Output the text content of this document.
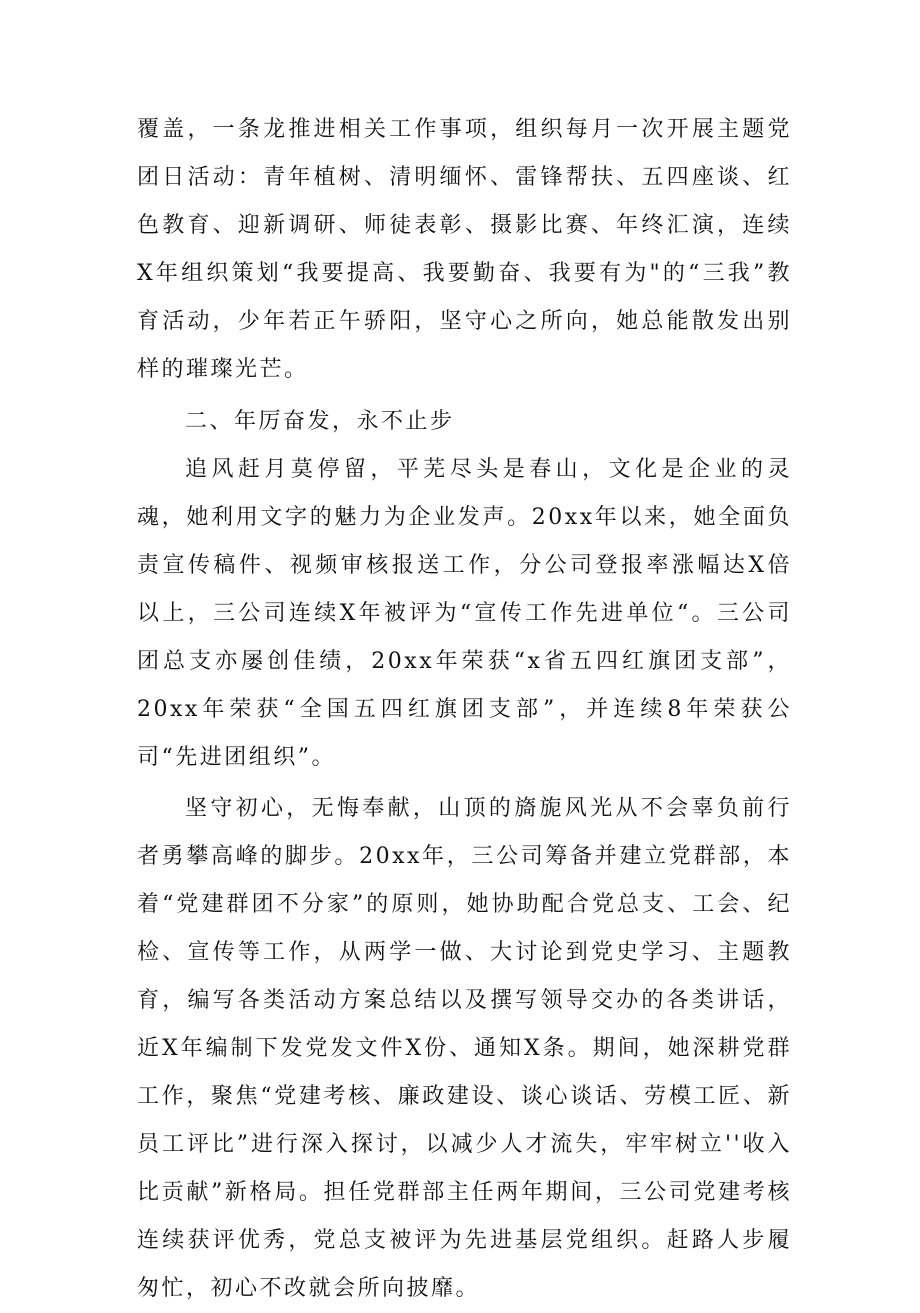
覆盖，一条龙推进相关工作事项，组织每月一次开展主题党团日活动：青年植树、清明缅怀、雷锋帮扶、五四座谈、红色教育、迎新调研、师徒表彰、摄影比赛、年终汇演，连续X年组织策划“我要提高、我要勤奋、我要有为"的“三我”教育活动，少年若正午骄阳，坚守心之所向，她总能散发出别样的璀璨光芒。

二、年厉奋发，永不止步

追风赶月莫停留，平芜尽头是春山，文化是企业的灵魂，她利用文字的魅力为企业发声。20xx年以来，她全面负责宣传稿件、视频审核报送工作，分公司登报率涨幅达X倍以上，三公司连续X年被评为“宣传工作先进单位“。三公司团总支亦屡创佳绩，20xx年荣获“x省五四红旗团支部”，20xx年荣获“全国五四红旗团支部”，并连续8年荣获公司“先进团组织”。

坚守初心，无悔奉献，山顶的旖旎风光从不会辜负前行者勇攀高峰的脚步。20xx年，三公司筹备并建立党群部，本着“党建群团不分家”的原则，她协助配合党总支、工会、纪检、宣传等工作，从两学一做、大讨论到党史学习、主题教育，编写各类活动方案总结以及撰写领导交办的各类讲话，近X年编制下发党发文件X份、通知X条。期间，她深耕党群工作，聚焦“党建考核、廉政建设、谈心谈话、劳模工匠、新员工评比”进行深入探讨，以减少人才流失，牢牢树立''收入比贡献”新格局。担任党群部主任两年期间，三公司党建考核连续获评优秀，党总支被评为先进基层党组织。赶路人步履匆忙，初心不改就会所向披靡。
